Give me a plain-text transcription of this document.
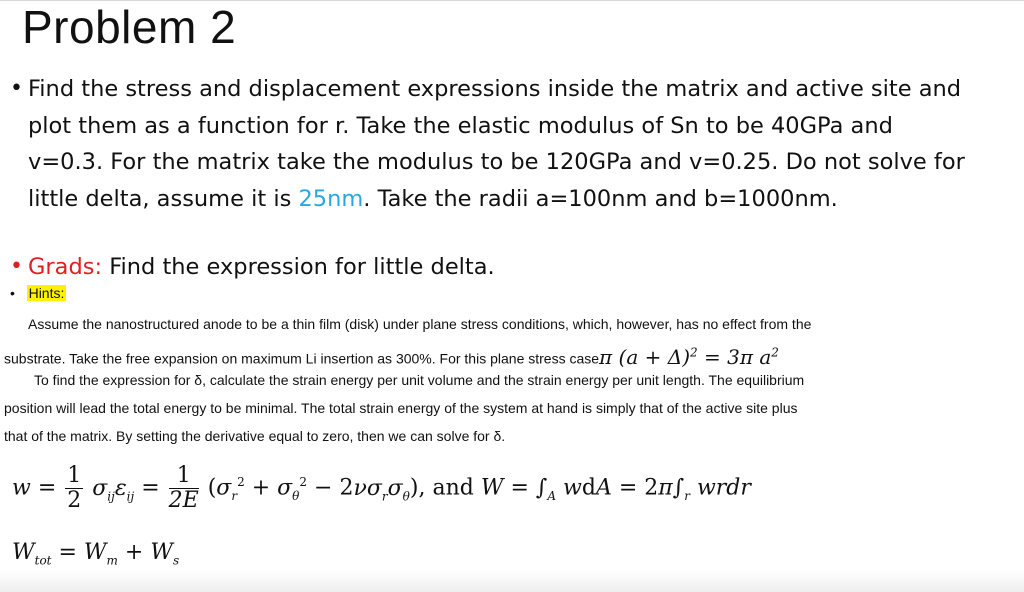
Problem 2
• Find the stress and displacement expressions inside the matrix and active site and
plot them as a function for r. Take the elastic modulus of Sn to be 40GPa and
v=0.3. For the matrix take the modulus to be 120GPa and v=0.25. Do not solve for
little delta, assume it is 25nm. Take the radii a=100nm and b=1000nm.
• Grads: Find the expression for little delta.
•   Hints:
Assume the nanostructured anode to be a thin film (disk) under plane stress conditions, which, however, has no effect from the
substrate. Take the free expansion on maximum Li insertion as 300%. For this plane stress caseπ $(a + \Delta)^2 = 3\pi$ $a^2$
To find the expression for δ, calculate the strain energy per unit volume and the strain energy per unit length. The equilibrium
position will lead the total energy to be minimal. The total strain energy of the system at hand is simply that of the active site plus
that of the matrix. By setting the derivative equal to zero, then we can solve for δ.
$w = \frac{1}{2} \sigma_{ij}\varepsilon_{ij} = \frac{1}{2E} (\sigma_r^2 + \sigma_\theta^2 - 2\nu\sigma_r\sigma_\theta)$, and $W = \int_A$ wdA = $2\pi\int_r$ wrdr
$W_{tot} = W_m + W_s$
